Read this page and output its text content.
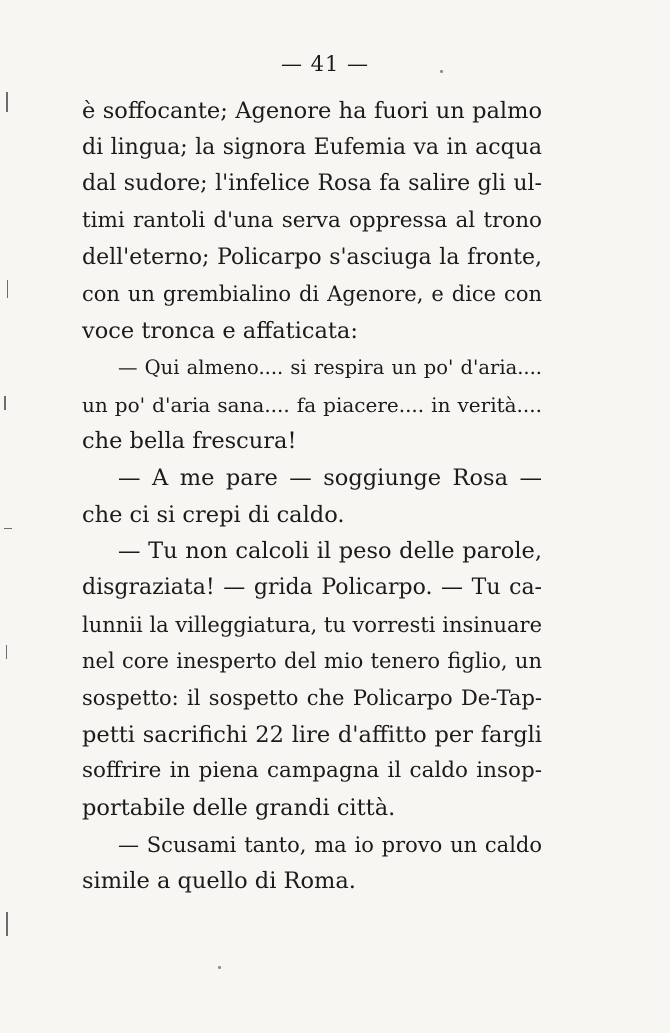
— 41 —
è soffocante; Agenore ha fuori un palmo
di lingua; la signora Eufemia va in acqua
dal sudore; l'infelice Rosa fa salire gli ul-
timi rantoli d'una serva oppressa al trono
dell'eterno; Policarpo s'asciuga la fronte,
con un grembialino di Agenore, e dice con
voce tronca e affaticata:
— Qui almeno.... si respira un po' d'aria....
un po' d'aria sana.... fa piacere.... in verità....
che bella frescura!
— A me pare — soggiunge Rosa —
che ci si crepi di caldo.
— Tu non calcoli il peso delle parole,
disgraziata! — grida Policarpo. — Tu ca-
lunnii la villeggiatura, tu vorresti insinuare
nel core inesperto del mio tenero figlio, un
sospetto: il sospetto che Policarpo De-Tap-
petti sacrifichi 22 lire d'affitto per fargli
soffrire in piena campagna il caldo insop-
portabile delle grandi città.
— Scusami tanto, ma io provo un caldo
simile a quello di Roma.
